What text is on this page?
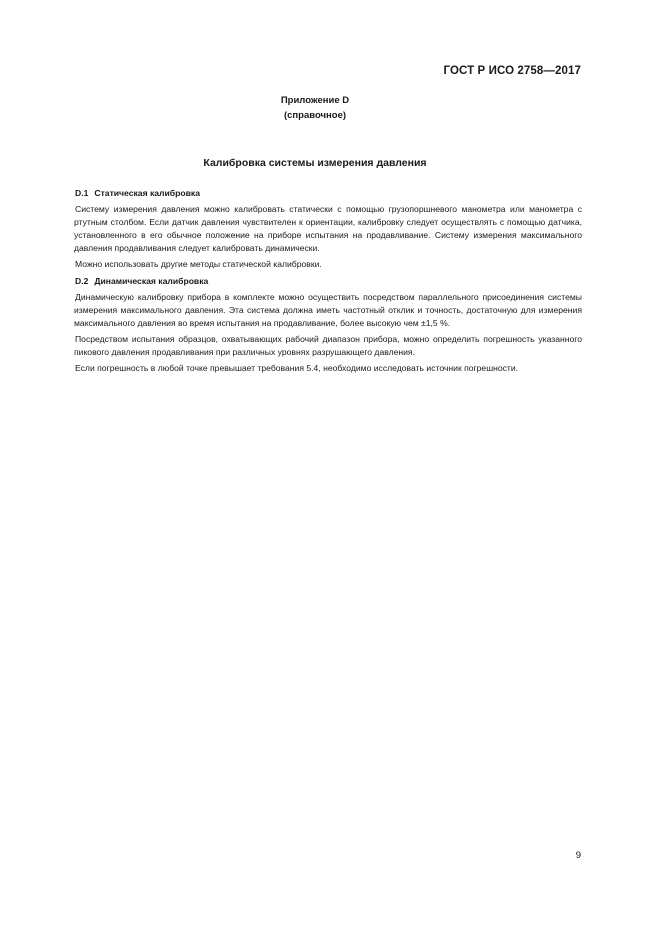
ГОСТ Р ИСО 2758—2017
Приложение D
(справочное)
Калибровка системы измерения давления
D.1 Статическая калибровка

Систему измерения давления можно калибровать статически с помощью грузопоршневого манометра или манометра с ртутным столбом. Если датчик давления чувствителен к ориентации, калибровку следует осуществлять с помощью датчика, установленного в его обычное положение на приборе испытания на продавливание. Систему измерения максимального давления продавливания следует калибровать динамически.

Можно использовать другие методы статической калибровки.

D.2 Динамическая калибровка

Динамическую калибровку прибора в комплекте можно осуществить посредством параллельного присоединения системы измерения максимального давления. Эта система должна иметь частотный отклик и точность, достаточную для измерения максимального давления во время испытания на продавливание, более высокую чем ±1,5 %.

Посредством испытания образцов, охватывающих рабочий диапазон прибора, можно определить погрешность указанного пикового давления продавливания при различных уровнях разрушающего давления.

Если погрешность в любой точке превышает требования 5.4, необходимо исследовать источник погрешности.

9
